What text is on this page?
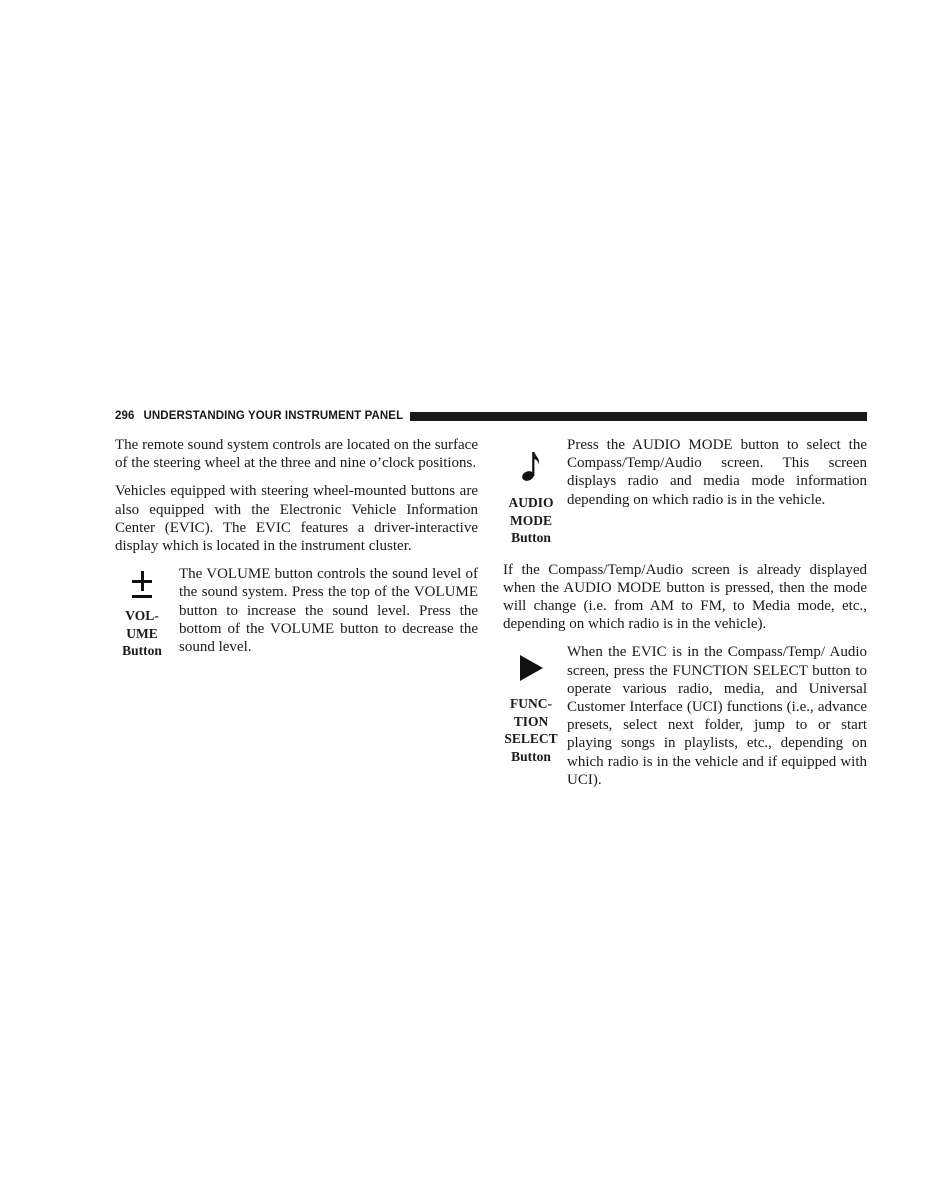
296 UNDERSTANDING YOUR INSTRUMENT PANEL

The remote sound system controls are located on the surface of the steering wheel at the three and nine o’clock positions.

Vehicles equipped with steering wheel-mounted buttons are also equipped with the Electronic Vehicle Information Center (EVIC). The EVIC features a driver-interactive display which is located in the instrument cluster.

VOL-
UME
Button
The VOLUME button controls the sound level of the sound system. Press the top of the VOLUME button to increase the sound level. Press the bottom of the VOLUME button to decrease the sound level.
AUDIO
MODE
Button
Press the AUDIO MODE button to select the Compass/Temp/Audio screen. This screen displays radio and media mode information depending on which radio is in the vehicle.

If the Compass/Temp/Audio screen is already displayed when the AUDIO MODE button is pressed, then the mode will change (i.e. from AM to FM, to Media mode, etc., depending on which radio is in the vehicle).

FUNC-
TION
SELECT
Button
When the EVIC is in the Compass/Temp/ Audio screen, press the FUNCTION SELECT button to operate various radio, media, and Universal Customer Interface (UCI) functions (i.e., advance presets, select next folder, jump to or start playing songs in playlists, etc., depending on which radio is in the vehicle and if equipped with UCI).
